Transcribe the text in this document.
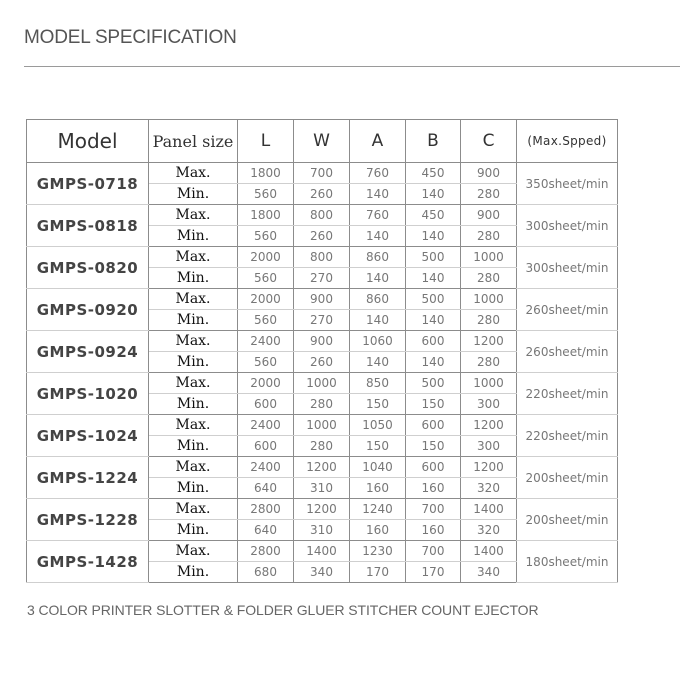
MODEL SPECIFICATION
Model	Panel size	L	W	A	B	C	(Max.Spped)
GMPS-0718	Max.	1800	700	760	450	900	350sheet/min
	Min.	560	260	140	140	280	
GMPS-0818	Max.	1800	800	760	450	900	300sheet/min
	Min.	560	260	140	140	280	
GMPS-0820	Max.	2000	800	860	500	1000	300sheet/min
	Min.	560	270	140	140	280	
GMPS-0920	Max.	2000	900	860	500	1000	260sheet/min
	Min.	560	270	140	140	280	
GMPS-0924	Max.	2400	900	1060	600	1200	260sheet/min
	Min.	560	260	140	140	280	
GMPS-1020	Max.	2000	1000	850	500	1000	220sheet/min
	Min.	600	280	150	150	300	
GMPS-1024	Max.	2400	1000	1050	600	1200	220sheet/min
	Min.	600	280	150	150	300	
GMPS-1224	Max.	2400	1200	1040	600	1200	200sheet/min
	Min.	640	310	160	160	320	
GMPS-1228	Max.	2800	1200	1240	700	1400	200sheet/min
	Min.	640	310	160	160	320	
GMPS-1428	Max.	2800	1400	1230	700	1400	180sheet/min
	Min.	680	340	170	170	340	
3 COLOR PRINTER SLOTTER & FOLDER GLUER STITCHER COUNT EJECTOR
